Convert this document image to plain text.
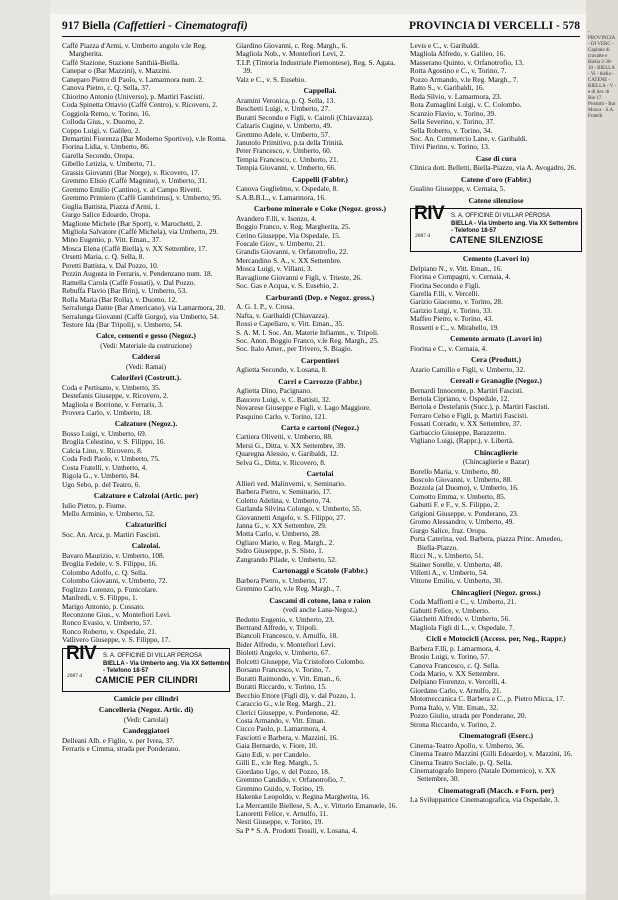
917 Biella (Caffettieri - Cinematografi)	PROVINCIA DI VERCELLI - 578

Caffè Piazza d'Armi, v. Umberto angolo v.le Reg. Margherita.

Caffè Stazione, Stazione Santhià-Biella.

Canepar o (Bar Mazzini), v. Mazzini.

Caneparo Pietro di Paolo, v. Lamarmora num. 2.

Canova Pietro, c. Q. Sella, 37.

Chiorino Antonio (Universo), p. Martiri Fascisti.

Coda Spinetta Ottavio (Caffè Centro), v. Ricovero, 2.

Coggiola Remo, v. Torino, 16.

Colloda Gius., v. Duomo, 2.

Coppo Luigi, v. Galileo, 2.

Demartini Fiorenza (Bar Moderno Sportivo), v.le Roma.

Fiorina Lidia, v. Umberto, 86.

Garella Secondo, Oropa.

Gibello Letizia, v. Umberto, 71.

Grassis Giovanni (Bar Norge), v. Ricovero, 17.

Gremmo Elisio (Caffè Magnino), v. Umberto, 31.

Gremmo Emilio (Cantino), v. al Campo Rivetti.

Gremmo Primiero (Caffè Gambrinus), v. Umberto, 95.

Guglia Battista, Piazza d'Armi, 1.

Gurgo Salice Edoardo, Oropa.

Maglione Michele (Bar Sport), v. Marochetti, 2.

Migliola Salvatore (Caffè Michela), via Umberto, 29.

Mino Eugenio, p. Vitt. Eman., 37.

Mosca Elena (Caffè Biella), v. XX Settembre, 17.

Orsetti Maria, c. Q. Sella, 8.

Peretti Battista, v. Dal Pozzo, 10.

Pezzin Augusta in Ferraris, v. Pendenzano num. 18.

Ramella Carola (Caffè Fossati), v. Dal Pozzo.

Rebuffa Flavio (Bar Brin), v. Umberto, 53.

Rolla Maria (Bar Rolla), v. Duomo, 12.

Serralunga Dante (Bar Americano), via Lamarmora, 20.

Serralunga Giovanni (Caffè Gurgo), via Umberto, 54.

Testore Ida (Bar Tripoli), v. Umberto, 54.

Calce, cementi e gesso (Negoz.)

(Vedi: Materiale da costruzione)

Calderai

(Vedi: Ramai)

Caloriferi (Costrutt.).

Coda e Pertisano, v. Umberto, 35.

Destefanis Giuseppe, v. Ricovero, 2.

Magliola e Borrione, v. Ferraris, 3.

Provera Carlo, v. Umberto, 18.

Calzature (Negoz.).

Bosso Luigi, v. Umberto, 69.

Broglia Celestino, v. S. Filippo, 16.

Calcia Lino, v. Ricovero, 8.

Coda Fedi Paolo, v. Umberto, 75.

Costa Fratelli, v. Umberto, 4.

Rigola G., v. Umberto, 84.

Ugo Sebo, p. del Teatro, 6.

Calzature e Calzolai (Artic. per)

Iulio Pietro, p. Fiume.

Mello Arminio, v. Umberto, 52.

Calzaturifici

Soc. An. Arca, p. Martiri Fascisti.

Calzolai.

Bavaro Maurizio, v. Umberto, 108.

Broglia Fedele, v. S. Filippo, 16.

Colombo Adolfo, c. Q. Sella.

Colombo Giovanni, v. Umberto, 72.

Foglizzo Lorenzo, p. Funicolare.

Manfredi, v. S. Filippo, 1.

Marigo Antonio, p. Cossato.

Reconzone Gius., v. Montefiori Levi.

Ronco Evasio, v. Umberto, 57.

Ronco Roberto, v. Ospedale, 21.

Vallivero Giuseppe, v. S. Filippo, 17.

RIV
2087 d
S. A. OFFICINE DI VILLAR PEROSA
BIELLA - Via Umberto ang. Via XX Settembre - Telefono 18-57
CAMICIE PER CILINDRI

Camicie per cilindri

Cancelleria (Negoz. Artic. di)

(Vedi: Cartolai)

Candeggiatori

Delleani Alb. e Figlio, v. per Ivrea, 37.

Ferraris e Cimma, strada per Ponderano.

Giardino Giovanni, c. Reg. Margh., 6.

Magliola Nob., v. Montefiori Levi, 2.

T.I.P. (Tintoria Industriale Piemontese), Reg. S. Agata, 39.

Valz e C., v. S. Eusebio.

Cappellai.

Aramini Veronica, p. Q. Sella, 13.

Beschetti Luigi, v. Umberto, 27.

Buratti Secondo e Figli, v. Cairoli (Chiavazza).

Calzaris Cugine, v. Umberto, 49.

Gremmo Adele, v. Umberto, 57.

Janutolo Primitivo, p.ta della Trinità.

Peter Francesco, v. Umberto, 60.

Tempia Francesco, c. Umberto, 21.

Tempia Giovanni, v. Umberto, 66.

Cappelli (Fabbr.)

Canova Guglielmo, v. Ospedale, 8.

S.A.B.B.L., v. Lamarmora, 16.

Carbone minerale e Coke (Negoz. gross.)

Avandero F.lli, v. Isonzo, 4.

Boggio Franco, v. Reg. Margherita, 25.

Cerino Giuseppe, Via Ospedale, 15.

Foscale Giov., v. Umberto, 21.

Grandis Giovanni, v. Orfanotrofio, 22.

Mercandino S. A., v. XX Settembre.

Mosca Luigi, v. Villani, 3.

Ravaglione Giovanni e Figli, v. Trieste, 26.

Soc. Gas e Acqua, v. S. Eusebio, 2.

Carburanti (Dep. e Negoz. gross.)

A. G. I. P., v. Crosa.

Nafta, v. Garibaldi (Chiavazza).

Rossi e Capellaro, v. Vitt. Eman., 35.

S. A. M. I. Soc. An. Materie Infiamm., v. Tripoli.

Soc. Anon. Boggio Franco, v.le Reg. Margh., 25.

Soc. Italo Amer., per Trivero, S. Biagio.

Carpentieri

Aglietta Secondo, v. Losana, 8.

Carri e Carrozze (Fabbr.)

Aglietta Dino, Pacignano.

Baucero Luigi, v. C. Battisti, 32.

Novarese Giuseppe e Figli, v. Lago Maggiore.

Pasquino Carlo, v. Torino, 121.

Carta e cartoni (Negoz.)

Cartiera Olivetti, v. Umberto, 88.

Mersi G., Ditta, v. XX Settembre, 39.

Quaregna Alessio, v. Garibaldi, 12.

Selva G., Ditta, v. Ricovero, 8.

Cartolai

Allieri ved. Malinverni, v. Seminario.

Barbera Pietro, v. Seminario, 17.

Coletto Adelina, v. Umberto, 74.

Garlanda Silvina Colongo, v. Umberto, 55.

Giovannetti Angelo, v. S. Filippo, 27.

Janna G., v. XX Settembre, 29.

Motta Carlo, v. Umberto, 28.

Ogliaro Mario, v. Reg. Margh., 2.

Sidro Giuseppe, p. S. Sisto, 1.

Zangrando Pilade, v. Umberto, 52.

Cartonaggi e Scatole (Fabbr.)

Barbera Pietro, v. Umberto, 17.

Gremmo Carlo, v.le Reg. Margh., 7.

Cascami di cotone, lana e raion

(vedi anche Lana-Negoz.)

Bedotto Eugenio, v. Umberto, 23.

Bertrand Alfredo, v. Tripoli.

Biancoli Francesco, v. Arnulfo, 18.

Bider Alfredo, v. Montefiori Levi.

Bioletti Angelo, v. Umberto, 67.

Bolcetti Giuseppe, Via Cristoforo Colombo.

Borsano Francesco, v. Torino, 7.

Buratti Raimondo, v. Vitt. Eman., 6.

Buratti Riccardo, v. Torino, 15.

Becchio Ettore (Figli di), v. dal Pozzo, 1.

Caraccio G., v.le Reg. Margh., 21.

Clerici Giuseppe, v. Pordenone, 42.

Costa Armando, v. Vitt. Eman.

Cucco Paolo, p. Lamarmora, 4.

Fasciotti e Barbera, v. Mazzini, 16.

Gaia Bernardo, v. Fiore, 10.

Gato Edi, v. per Candelo.

Gilli E., v.le Reg. Margh., 5.

Giordano Ugo, v. del Pozzo, 18.

Gremmo Candido, v. Orfanotrofio, 7.

Gremmo Guido, v. Torino, 19.

Hakenke Leopoldo, v. Regina Margherita, 16.

La Mercantile Biellese, S. A., v. Vittorio Emanuele, 16.

Lanoretti Felice, v. Arnulfo, 11.

Nesti Giuseppe, v. Torino, 19.

Sa P * S. A. Prodotti Tessili, v. Losana, 4.

Levis e C., v. Garibaldi.

Magliola Alfredo, v. Galileo, 16.

Masserano Quinto, v. Orfanotrofio, 13.

Rotta Agostino e C., v. Torino, 7.

Pozzo Armando, v.le Reg. Margh., 7.

Ratto S., v. Garibaldi, 16.

Reda Silvio, v. Lamarmora, 23.

Rota Zumaglini Luigi, v. C. Colombo.

Scanzio Flavio, v. Torino, 39.

Sella Severino, v. Torino, 37.

Sella Roberto, v. Torino, 34.

Soc. An. Commercio Lane, v. Garibaldi.

Trivi Pierino, v. Torino, 13.

Case di cura

Clinica dott. Belletti, Biella-Piazzo, via A. Avogadro, 26.

Catene d'oro (Fabbr.)

Gualino Giuseppe, v. Cernaia, 5.

Catene silenziose

RIV
2087 d
S. A. OFFICINE DI VILLAR PEROSA
BIELLA - Via Umberto ang. Via XX Settembre - Telefono 18-57
CATENE SILENZIOSE

Cemento (Lavori in)

Delpiano N., v. Vitt. Eman., 16.

Fiorina e Compagni, v. Cernaia, 4.

Fiorina Secondo e Figli.

Garella F.lli, v. Vercelli.

Garizio Giacomo, v. Torino, 28.

Garizio Luigi, v. Torino, 33.

Maffeo Pietro, v. Torino, 43.

Rossetti e C., v. Mirabello, 19.

Cemento armato (Lavori in)

Fiorina e C., v. Cernaia, 4.

Cera (Produtt.)

Azario Camillo e Figli, v. Umberto, 32.

Cereali e Granaglie (Negoz.)

Bernardi Innocente, p. Martiri Fascisti.

Bertola Cipriano, v. Ospedale, 12.

Bertola e Destefanis (Succ.), p. Martiri Fascisti.

Ferraro Celso e Figli, p. Martiri Fascisti.

Fossati Corrado, v. XX Settembre, 37.

Garbaccio Giuseppe, Barazzetto.

Vigliano Luigi, (Rappr.), v. Libertà.

Chincaglierie

(Chincaglierie e Bazar)

Borello Maria, v. Umberto, 80.

Boscolo Giovanni, v. Umberto, 88.

Bozzola (al Duomo), v. Umberto, 16.

Comotto Emma, v. Umberto, 85.

Gabutti F. e F., v. S. Filippo, 2.

Grigioni Giuseppe, v. Ponderano, 23.

Gromo Alessandro, v. Umberto, 49.

Gurgo Salice, fraz. Oropa.

Porta Caterina, ved. Barbera, piazza Princ. Amedeo, Biella-Piazzo.

Ricci N., v. Umberto, 51.

Stainer Sorelle, v. Umberto, 48.

Villetti A., v. Umberto, 54.

Vittone Emilio, v. Umberto, 30.

Chincaglieri (Negoz. gross.)

Coda Maffiotti e C., v. Umberto, 21.

Gabutti Felice, v. Umberto.

Giachetti Alfredo, v. Umberto, 56.

Magliola Figli di L., v. Ospedale, 7.

Cicli e Motocicli (Access. per, Neg., Rappr.)

Barbera F.lli, p. Lamarmora, 4.

Brosio Luigi, v. Torino, 57.

Canova Francesco, c. Q. Sella.

Coda Mario, v. XX Settembre.

Delpiano Fiorenzo, v. Vercelli, 4.

Giordano Carlo, v. Arnulfo, 21.

Motomeccanica C. Barbera e C., p. Pietro Micca, 17.

Poma Italo, v. Vitt. Eman., 32.

Pozzo Giulio, strada per Ponderano, 20.

Strona Riccardo, v. Torino, 2.

Cinematografi (Eserc.)

Cinema-Teatro Apollo, v. Umberto, 36.

Cinema Teatro Mazzini (Gilli Edoardo), v. Mazzini, 16.

Cinema Teatro Sociale, p. Q. Sella.

Cinematografo Impero (Natale Domenico), v. XX Settembre, 30.

Cinematografi (Macch. e Forn. per)

La Sviluppatrice Cinematografica, via Ospedale, 3.

- PROVINCIA - DI VERC - Capitale di cravatte e Biella 2-30-10 - BIELLA - Vi - biella - CATENE - BIELLA - V - e di Ser. di Bie 17. Prodotti - Bat Mosca - S.A. Fratelli
